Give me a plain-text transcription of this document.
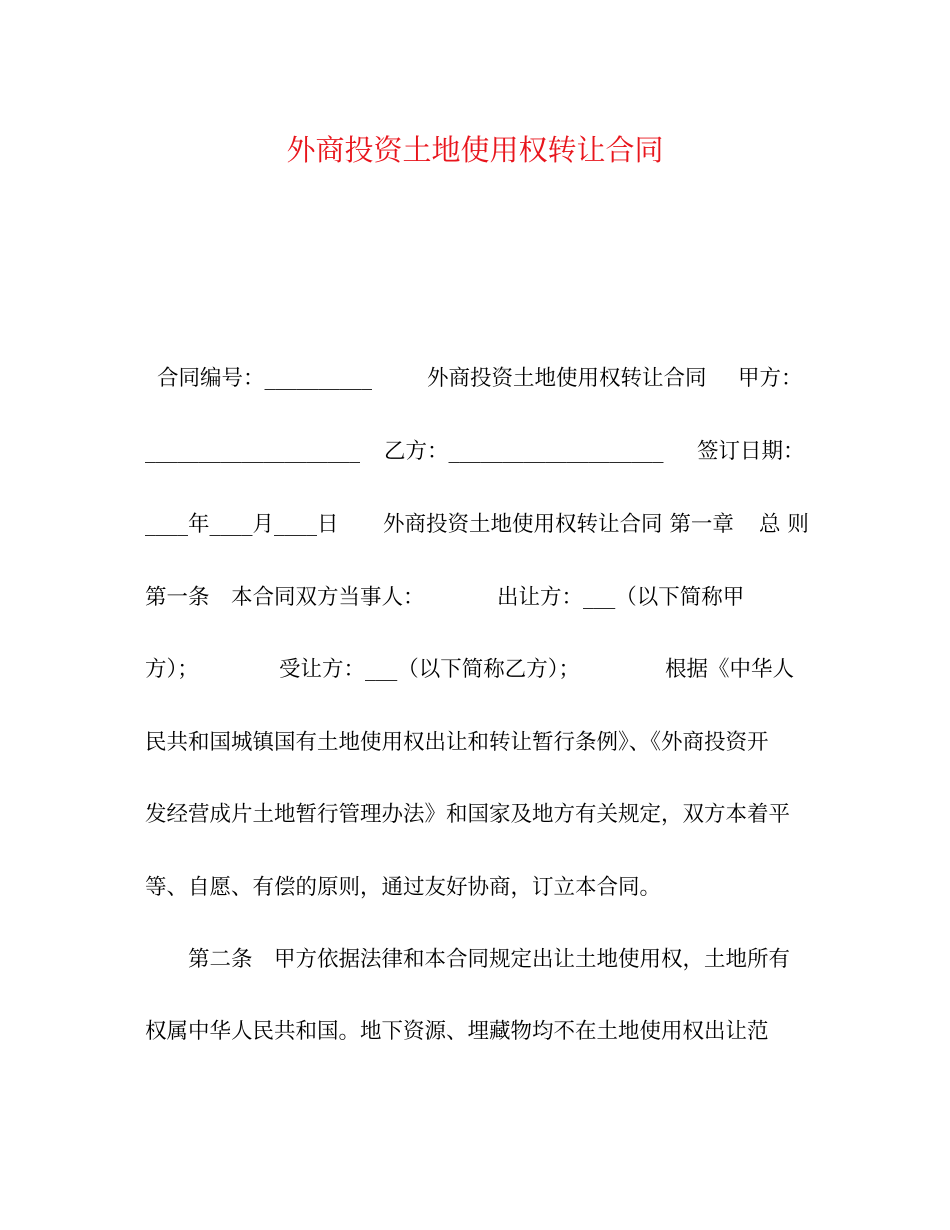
外商投资土地使用权转让合同
合同编号：__________	外商投资土地使用权转让合同 甲方：
____________________ 乙方：____________________ 签订日期：
____年____月____日 外商投资土地使用权转让合同 第一章 总 则
第一条 本合同双方当事人：	出让方：___（以下简称甲
方）；	受让方：___（以下简称乙方）；	根据《中华人
民共和国城镇国有土地使用权出让和转让暂行条例》、《外商投资开
发经营成片土地暂行管理办法》和国家及地方有关规定，双方本着平
等、自愿、有偿的原则，通过友好协商，订立本合同。
第二条 甲方依据法律和本合同规定出让土地使用权，土地所有
权属中华人民共和国。地下资源、埋藏物均不在土地使用权出让范
